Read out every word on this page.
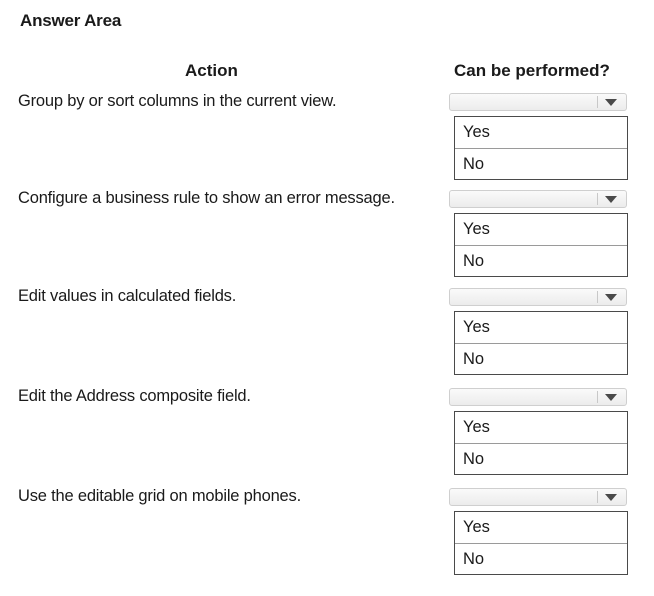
Answer Area
Action	Can be performed?
Group by or sort columns in the current view.
Yes
No
Configure a business rule to show an error message.
Yes
No
Edit values in calculated fields.
Yes
No
Edit the Address composite field.
Yes
No
Use the editable grid on mobile phones.
Yes
No
